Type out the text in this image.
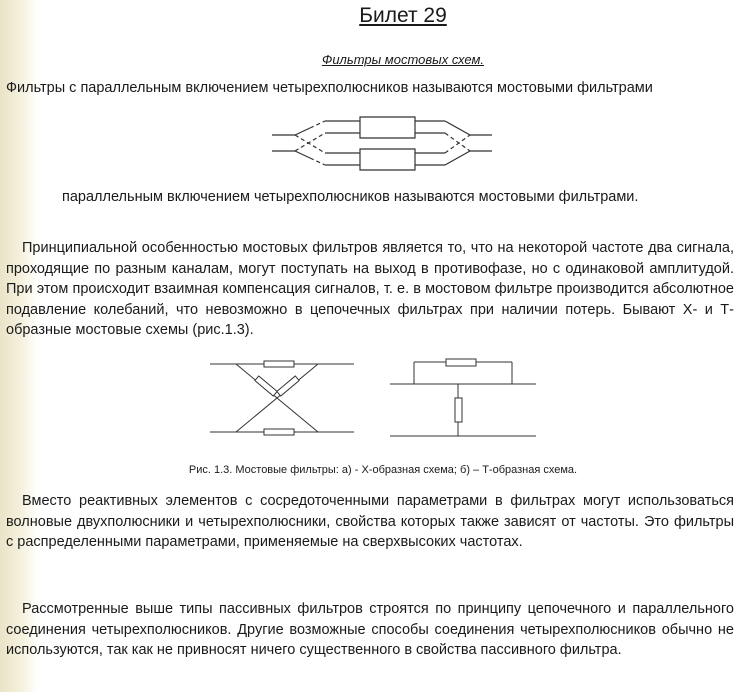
Билет 29
Фильтры мостовых схем.
Фильтры с параллельным включением четырехполюсников называются мостовыми фильтрами
параллельным включением четырехполюсников называются мостовыми фильтрами.
Принципиальной особенностью мостовых фильтров является то, что на некоторой частоте два сигнала, проходящие по разным каналам, могут поступать на выход в противофазе, но с одинаковой амплитудой. При этом происходит взаимная компенсация сигналов, т. е. в мостовом фильтре производится абсолютное подавление колебаний, что невозможно в цепочечных фильтрах при наличии потерь. Бывают Х- и Т-образные мостовые схемы (рис.1.3).
Рис. 1.3. Мостовые фильтры: а) - Х-образная схема; б) – Т-образная схема.
Вместо реактивных элементов с сосредоточенными параметрами в фильтрах могут использоваться волновые двухполюсники и четырехполюсники, свойства которых также зависят от частоты. Это фильтры с распределенными параметрами, применяемые на сверхвысоких частотах.
Рассмотренные выше типы пассивных фильтров строятся по принципу цепочечного и параллельного соединения четырехполюсников. Другие возможные способы соединения четырехполюсников обычно не используются, так как не привносят ничего существенного в свойства пассивного фильтра.
